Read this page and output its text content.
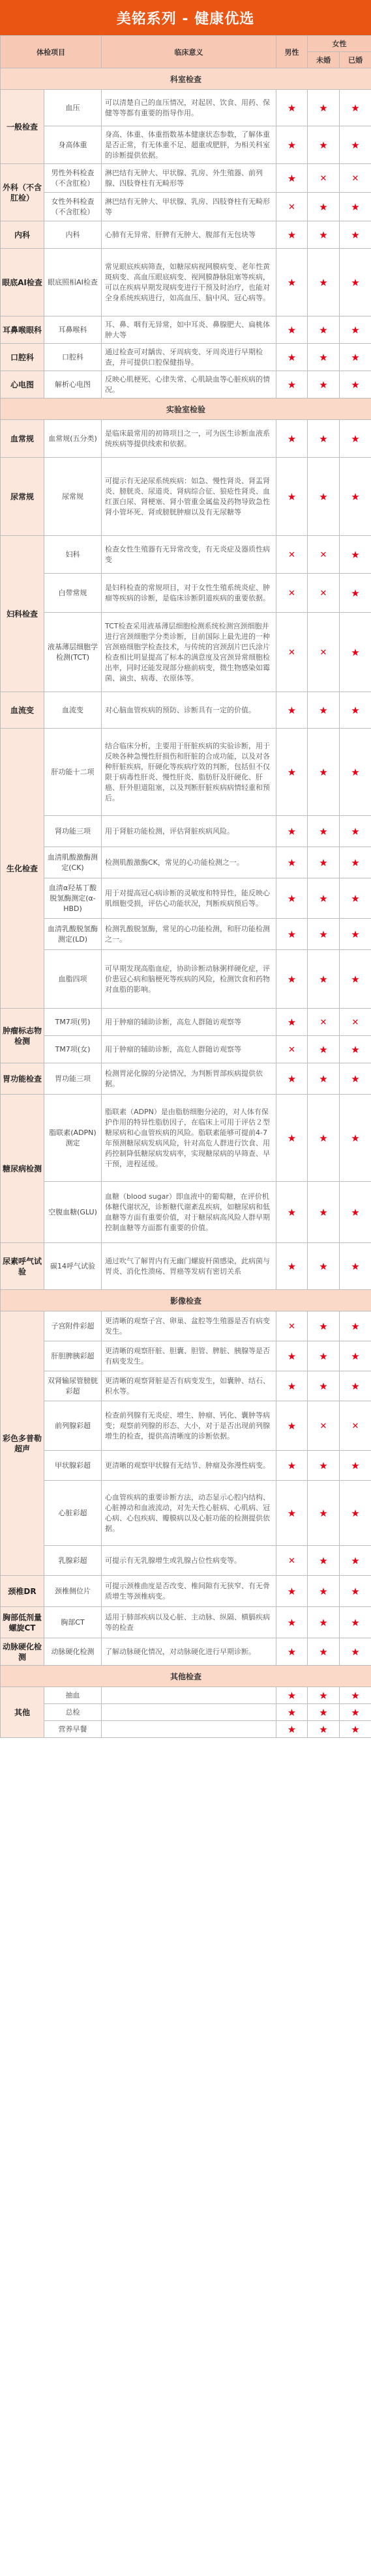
美铭系列 - 健康优选
体检项目		临床意义	男性	女性	
				未婚	已婚
科室检查					
一般检查	血压	可以清楚自己的血压情况，对起居、饮食、用药、保健等等都有重要的指导作用。	★	★	★
	身高体重	身高、体重、体重指数基本健康状态参数，了解体重是否正常，有无体重不足、超重或肥胖，为相关科室的诊断提供依据。	★	★	★
外科（不含肛检）	男性外科检查（不含肛检）	淋巴结有无肿大、甲状腺、乳房、外生殖器、前列腺、四肢脊柱有无畸形等	★	✕	✕
	女性外科检查（不含肛检）	淋巴结有无肿大、甲状腺、乳房、四肢脊柱有无畸形等	✕	★	★
内科	内科	心肺有无异常、肝脾有无肿大、腹部有无包块等	★	★	★
眼底AI检查	眼底照相AI检查	常见眼底疾病筛查，如糖尿病视网膜病变、老年性黄斑病变、高血压眼底病变、视网膜静脉阻塞等疾病，可以在疾病早期发现病变进行干预及时治疗，也能对全身系统疾病进行，如高血压、脑中风、冠心病等。	★	★	★
耳鼻喉眼科	耳鼻喉科	耳、鼻、咽有无异常，如中耳炎、鼻腺肥大、扁桃体肿大等	★	★	★
口腔科	口腔科	通过检查可对龋齿、牙周病变、牙周炎进行早期检查，并可提供口腔保健指导。	★	★	★
心电图	解析心电图	反映心肌梗死、心律失常、心肌缺血等心脏疾病的情况。	★	★	★
实验室检验					
血常规	血常规(五分类)	是临床最常用的初筛项目之一，可为医生诊断血液系统疾病等提供线索和依据。	★	★	★
尿常规	尿常规	可提示有无泌尿系统疾病：如急、慢性肾炎、肾盂肾炎、膀胱炎、尿道炎、肾病综合征、狼疮性肾炎、血红蛋白尿、肾梗塞、肾小管重金属盐及药物导致急性肾小管坏死、肾或膀胱肿瘤以及有无尿糖等	★	★	★
妇科检查	妇科	检查女性生殖器有无异常改变，有无炎症及器质性病变	✕	✕	★
	白带常规	是妇科检查的常规项目，对于女性生殖系统炎症、肿瘤等疾病的诊断，是临床诊断阴道疾病的重要依据。	✕	✕	★
	液基薄层细胞学检测(TCT)	TCT检查采用液基薄层细胞检测系统检测宫颈细胞并进行宫颈细胞学分类诊断，目前国际上最先进的一种宫颈癌细胞学检查技术，与传统的宫颈刮片巴氏涂片检查相比明显提高了标本的满意度及宫颈异常细胞检出率，同时还能发现部分癌前病变，微生物感染如霉菌、滴虫、病毒、衣原体等。	✕	✕	★
血流变	血流变	对心脑血管疾病的预防、诊断具有一定的价值。	★	★	★
生化检查	肝功能十二项	结合临床分析，主要用于肝脏疾病的实验诊断，用于反映各种急慢性肝损伤和肝脏的合成功能，以及对各种肝脏疾病，肝硬化等疾病疗效的判断，包括但不仅限于病毒性肝炎、慢性肝炎、脂肪肝及肝硬化、肝癌、肝外胆道阻塞，以及判断肝脏疾病病情轻重和预后。	★	★	★
	肾功能三项	用于肾脏功能检测，评估肾脏疾病风险。	★	★	★
	血清肌酸激酶测定(CK)	检测肌酸激酶CK，常见的心功能检测之一。	★	★	★
	血清α羟基丁酸脱氢酶测定(α-HBD)	用于对提高冠心病诊断的灵敏度和特异性，能反映心肌细胞受损，评估心功能状况，判断疾病预后等。	★	★	★
	血清乳酸脱氢酶测定(LD)	检测乳酸脱氢酶，常见的心功能检测，和肝功能检测之一。	★	★	★
	血脂四项	可早期发现高脂血症，协助诊断动脉粥样硬化症，评价患冠心病和脑梗死等疾病的风险，检测饮食和药物对血脂的影响。	★	★	★
肿瘤标志物检测	TM7项(男)	用于肿瘤的辅助诊断，高危人群随访观察等	★	✕	✕
	TM7项(女)	用于肿瘤的辅助诊断，高危人群随访观察等	✕	★	★
胃功能检查	胃功能三项	检测胃泌化腺的分泌情况，为判断胃部疾病提供依据。	★	★	★
糖尿病检测	脂联素(ADPN)测定	脂联素（ADPN）是由脂肪细胞分泌的，对人体有保护作用的特异性脂肪因子，在临床上可用于评估２型糖尿病和心血管疾病的风险。脂联素能够可提前4-7年预测糖尿病发病风险，针对高危人群进行饮食、用药控制降低糖尿病发病率，实现糖尿病的早筛查、早干预，进程延缓。	★	★	★
	空腹血糖(GLU)	血糖（blood sugar）即血液中的葡萄糖，在评价机体糖代谢状况，诊断糖代谢紊乱疾病，如糖尿病和低血糖等方面有重要价值，对于糖尿病高风险人群早期控制血糖等方面都有重要的价值。	★	★	★
尿素呼气试验	碳14呼气试验	通过吹气了解胃内有无幽门螺旋杆菌感染，此病菌与胃炎、消化性溃疡、胃癌等发病有密切关系	★	★	★
影像检查					
彩色多普勒超声	子宫附件彩超	更清晰的观察子宫、卵巢、盆腔等生殖器是否有病变发生。	✕	★	★
	肝胆脾胰彩超	更清晰的观察肝脏、胆囊、胆管、脾脏、胰腺等是否有病变发生。	★	★	★
	双肾输尿管膀胱彩超	更清晰的观察肾脏是否有病变发生，如囊肿、结石、积水等。	★	★	★
	前列腺彩超	检查前列腺有无炎症、增生、肿瘤、钙化、囊肿等病变；观察前列腺的形态、大小，对于是否出现前列腺增生的检查，提供高清晰度的诊断依据。	★	✕	✕
	甲状腺彩超	更清晰的观察甲状腺有无结节、肿瘤及弥漫性病变。	★	★	★
	心脏彩超	心血管疾病的重要诊断方法，动态显示心腔内结构、心脏搏动和血液流动，对先天性心脏病、心肌病、冠心病、心包疾病、瓣膜病以及心脏功能的检测提供依据。	★	★	★
	乳腺彩超	可提示有无乳腺增生或乳腺占位性病变等。	✕	★	★
颈椎DR	颈椎侧位片	可提示颈椎曲度是否改变、椎间隙有无狭窄、有无骨质增生等颈椎病变。	★	★	★
胸部低剂量螺旋CT	胸部CT	适用于肺部疾病以及心脏、主动脉、纵隔、横膈疾病等的检查	★	★	★
动脉硬化检测	动脉硬化检测	了解动脉硬化情况，对动脉硬化进行早期诊断。	★	★	★
其他检查					
其他	抽血		★	★	★
	总检		★	★	★
	营养早餐		★	★	★
